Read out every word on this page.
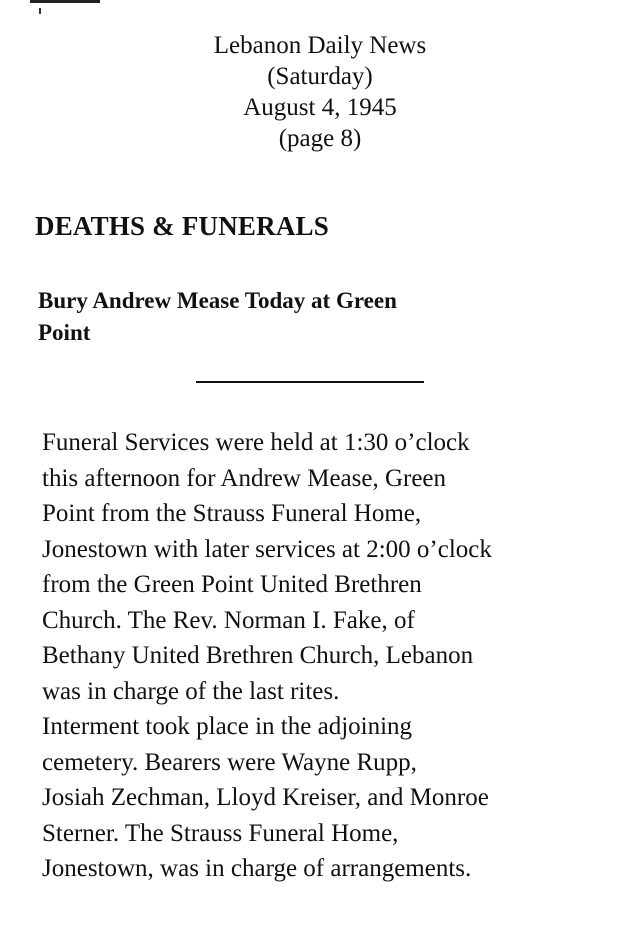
Lebanon Daily News
(Saturday)
August 4, 1945
(page 8)
DEATHS & FUNERALS
Bury Andrew Mease Today at Green
Point
Funeral Services were held at 1:30 o’clock
this afternoon for Andrew Mease, Green
Point from the Strauss Funeral Home,
Jonestown with later services at 2:00 o’clock
from the Green Point United Brethren
Church. The Rev. Norman I. Fake, of
Bethany United Brethren Church, Lebanon
was in charge of the last rites.
Interment took place in the adjoining
cemetery. Bearers were Wayne Rupp,
Josiah Zechman, Lloyd Kreiser, and Monroe
Sterner. The Strauss Funeral Home,
Jonestown, was in charge of arrangements.
